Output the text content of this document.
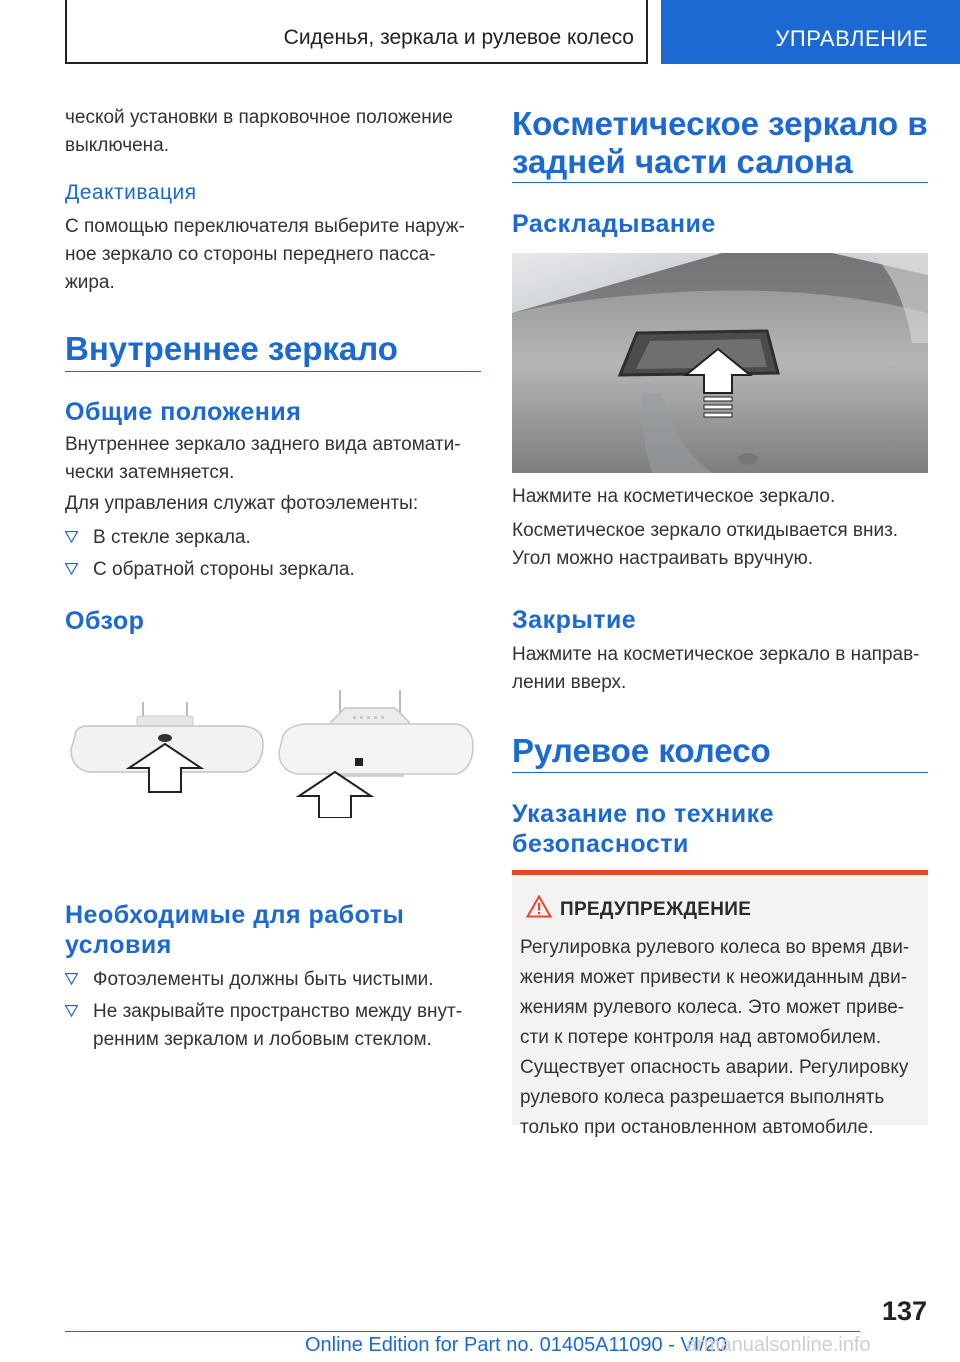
Сиденья, зеркала и рулевое колесо	УПРАВЛЕНИЕ

ческой установки в парковочное положение

выключена.

Деактивация

С помощью переключателя выберите наруж-

ное зеркало со стороны переднего пасса-

жира.

Внутреннее зеркало

Общие положения

Внутреннее зеркало заднего вида автомати-

чески затемняется.

Для управления служат фотоэлементы:

В стекле зеркала.
С обратной стороны зеркала.

Обзор

Необходимые для работы

условия

Фотоэлементы должны быть чистыми.
Не закрывайте пространство между внут-
ренним зеркалом и лобовым стеклом.

Косметическое зеркало в

задней части салона

Раскладывание

Нажмите на косметическое зеркало.

Косметическое зеркало откидывается вниз.

Угол можно настраивать вручную.

Закрытие

Нажмите на косметическое зеркало в направ-

лении вверх.

Рулевое колесо

Указание по технике

безопасности

ПРЕДУПРЕЖДЕНИЕ
Регулировка рулевого колеса во время дви-
жения может привести к неожиданным дви-
жениям рулевого колеса. Это может приве-
сти к потере контроля над автомобилем.
Существует опасность аварии. Регулировку
рулевого колеса разрешается выполнять
только при остановленном автомобиле.
137
Online Edition for Part no. 01405A11090 - VI/20
armanualsonline.info
